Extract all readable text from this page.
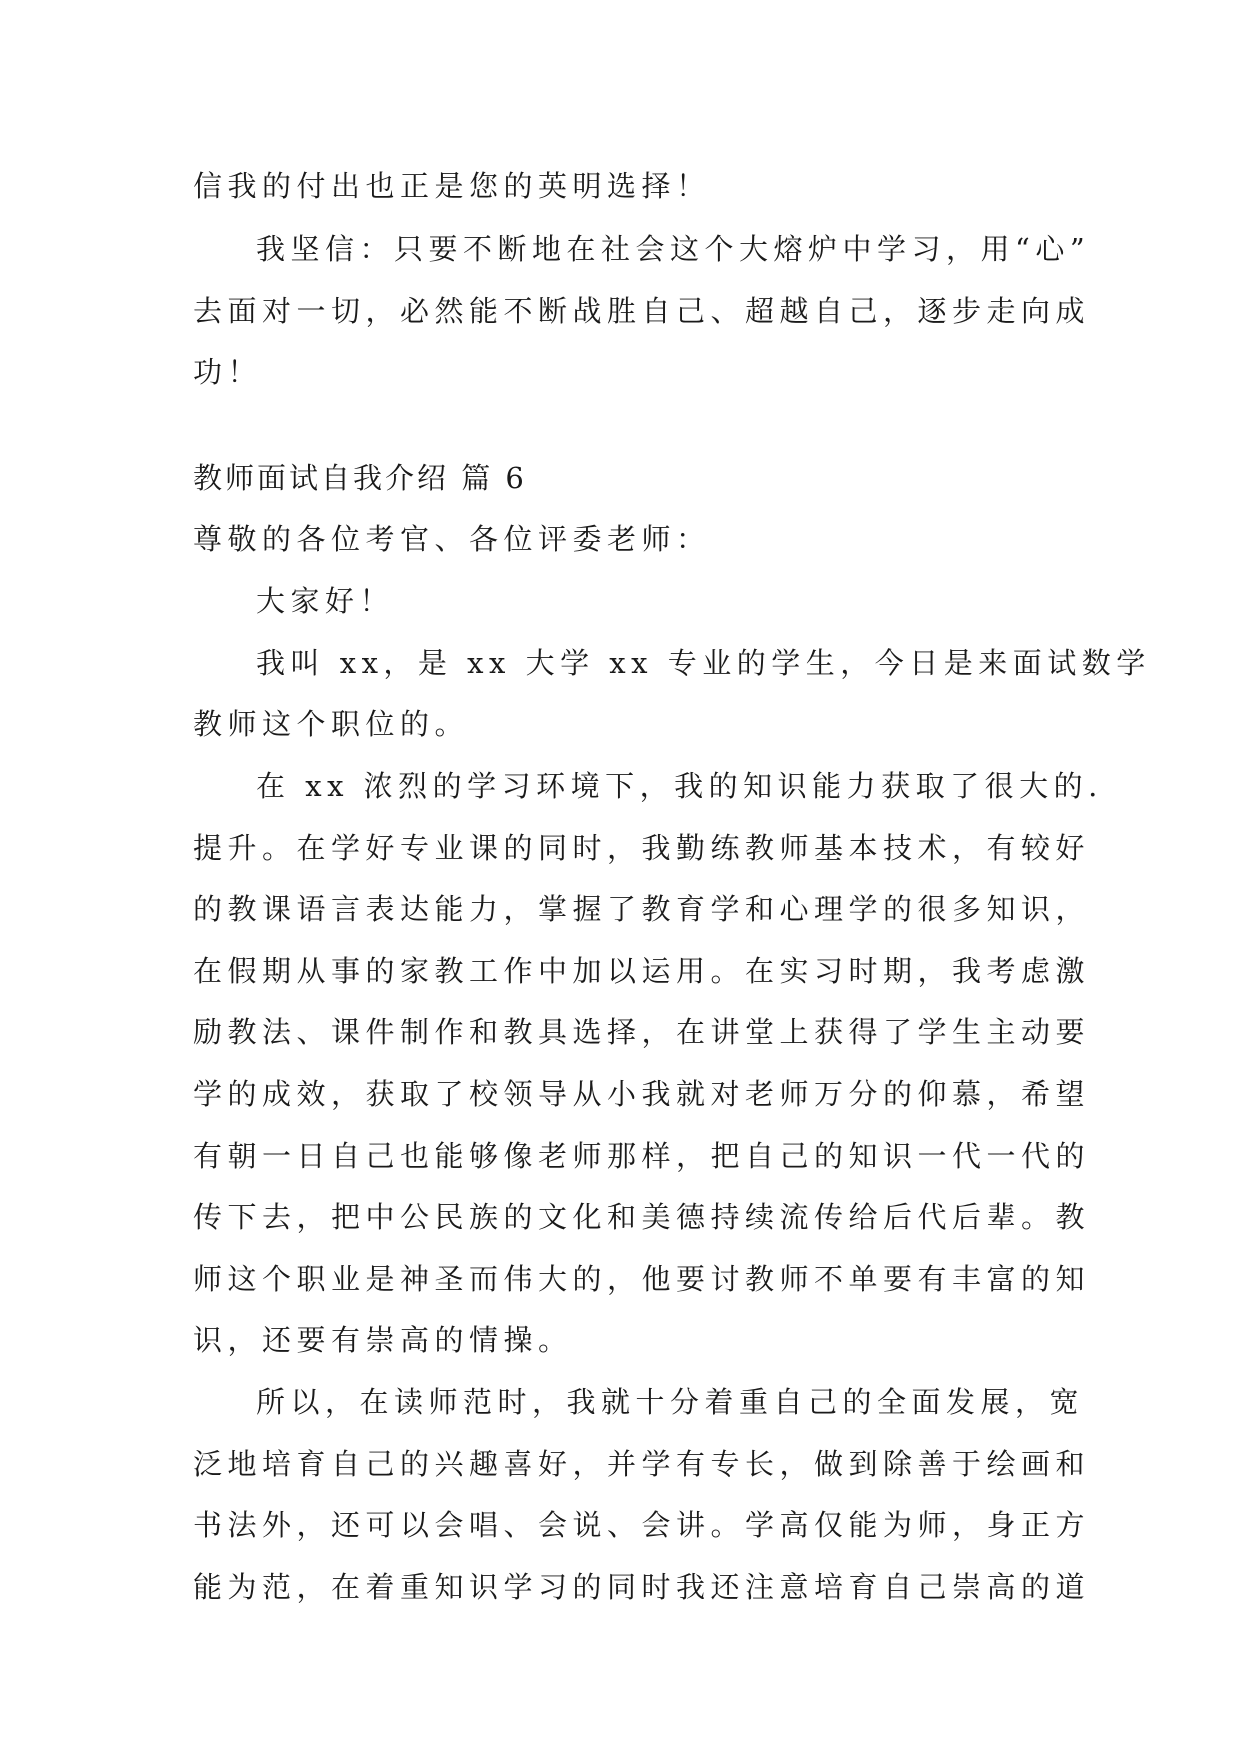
信我的付出也正是您的英明选择！
我坚信：只要不断地在社会这个大熔炉中学习，用“心”
去面对一切，必然能不断战胜自己、超越自己，逐步走向成
功！
教师面试自我介绍 篇 6
尊敬的各位考官、各位评委老师：
大家好！
我叫 xx，是 xx 大学 xx 专业的学生，今日是来面试数学
教师这个职位的。
在 xx 浓烈的学习环境下，我的知识能力获取了很大的.
提升。在学好专业课的同时，我勤练教师基本技术，有较好
的教课语言表达能力，掌握了教育学和心理学的很多知识，
在假期从事的家教工作中加以运用。在实习时期，我考虑激
励教法、课件制作和教具选择，在讲堂上获得了学生主动要
学的成效，获取了校领导从小我就对老师万分的仰慕，希望
有朝一日自己也能够像老师那样，把自己的知识一代一代的
传下去，把中公民族的文化和美德持续流传给后代后辈。教
师这个职业是神圣而伟大的，他要讨教师不单要有丰富的知
识，还要有崇高的情操。
所以，在读师范时，我就十分着重自己的全面发展，宽
泛地培育自己的兴趣喜好，并学有专长，做到除善于绘画和
书法外，还可以会唱、会说、会讲。学高仅能为师，身正方
能为范，在着重知识学习的同时我还注意培育自己崇高的道
